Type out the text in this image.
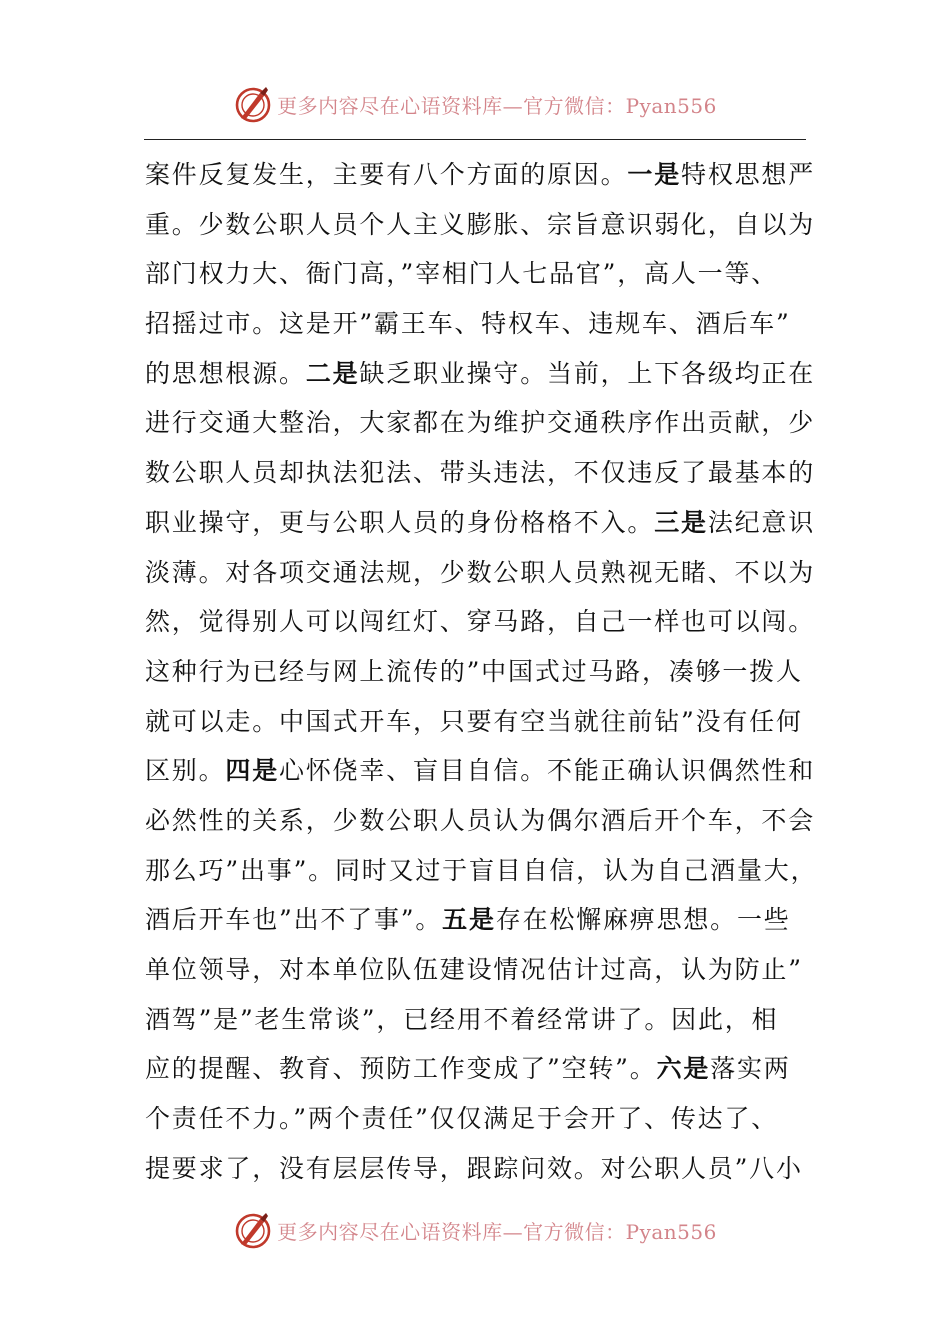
更多内容尽在心语资料库—官方微信：Pyan556
案件反复发生，主要有八个方面的原因。一是特权思想严
重。少数公职人员个人主义膨胀、宗旨意识弱化，自以为
部门权力大、衙门高，”宰相门人七品官”，高人一等、
招摇过市。这是开”霸王车、特权车、违规车、酒后车”
的思想根源。二是缺乏职业操守。当前，上下各级均正在
进行交通大整治，大家都在为维护交通秩序作出贡献，少
数公职人员却执法犯法、带头违法，不仅违反了最基本的
职业操守，更与公职人员的身份格格不入。三是法纪意识
淡薄。对各项交通法规，少数公职人员熟视无睹、不以为
然，觉得别人可以闯红灯、穿马路，自己一样也可以闯。
这种行为已经与网上流传的”中国式过马路，凑够一拨人
就可以走。中国式开车，只要有空当就往前钻”没有任何
区别。四是心怀侥幸、盲目自信。不能正确认识偶然性和
必然性的关系，少数公职人员认为偶尔酒后开个车，不会
那么巧”出事”。同时又过于盲目自信，认为自己酒量大，
酒后开车也”出不了事”。五是存在松懈麻痹思想。一些
单位领导，对本单位队伍建设情况估计过高，认为防止”
酒驾”是”老生常谈”，已经用不着经常讲了。因此，相
应的提醒、教育、预防工作变成了”空转”。六是落实两
个责任不力。”两个责任”仅仅满足于会开了、传达了、
提要求了，没有层层传导，跟踪问效。对公职人员”八小
更多内容尽在心语资料库—官方微信：Pyan556
